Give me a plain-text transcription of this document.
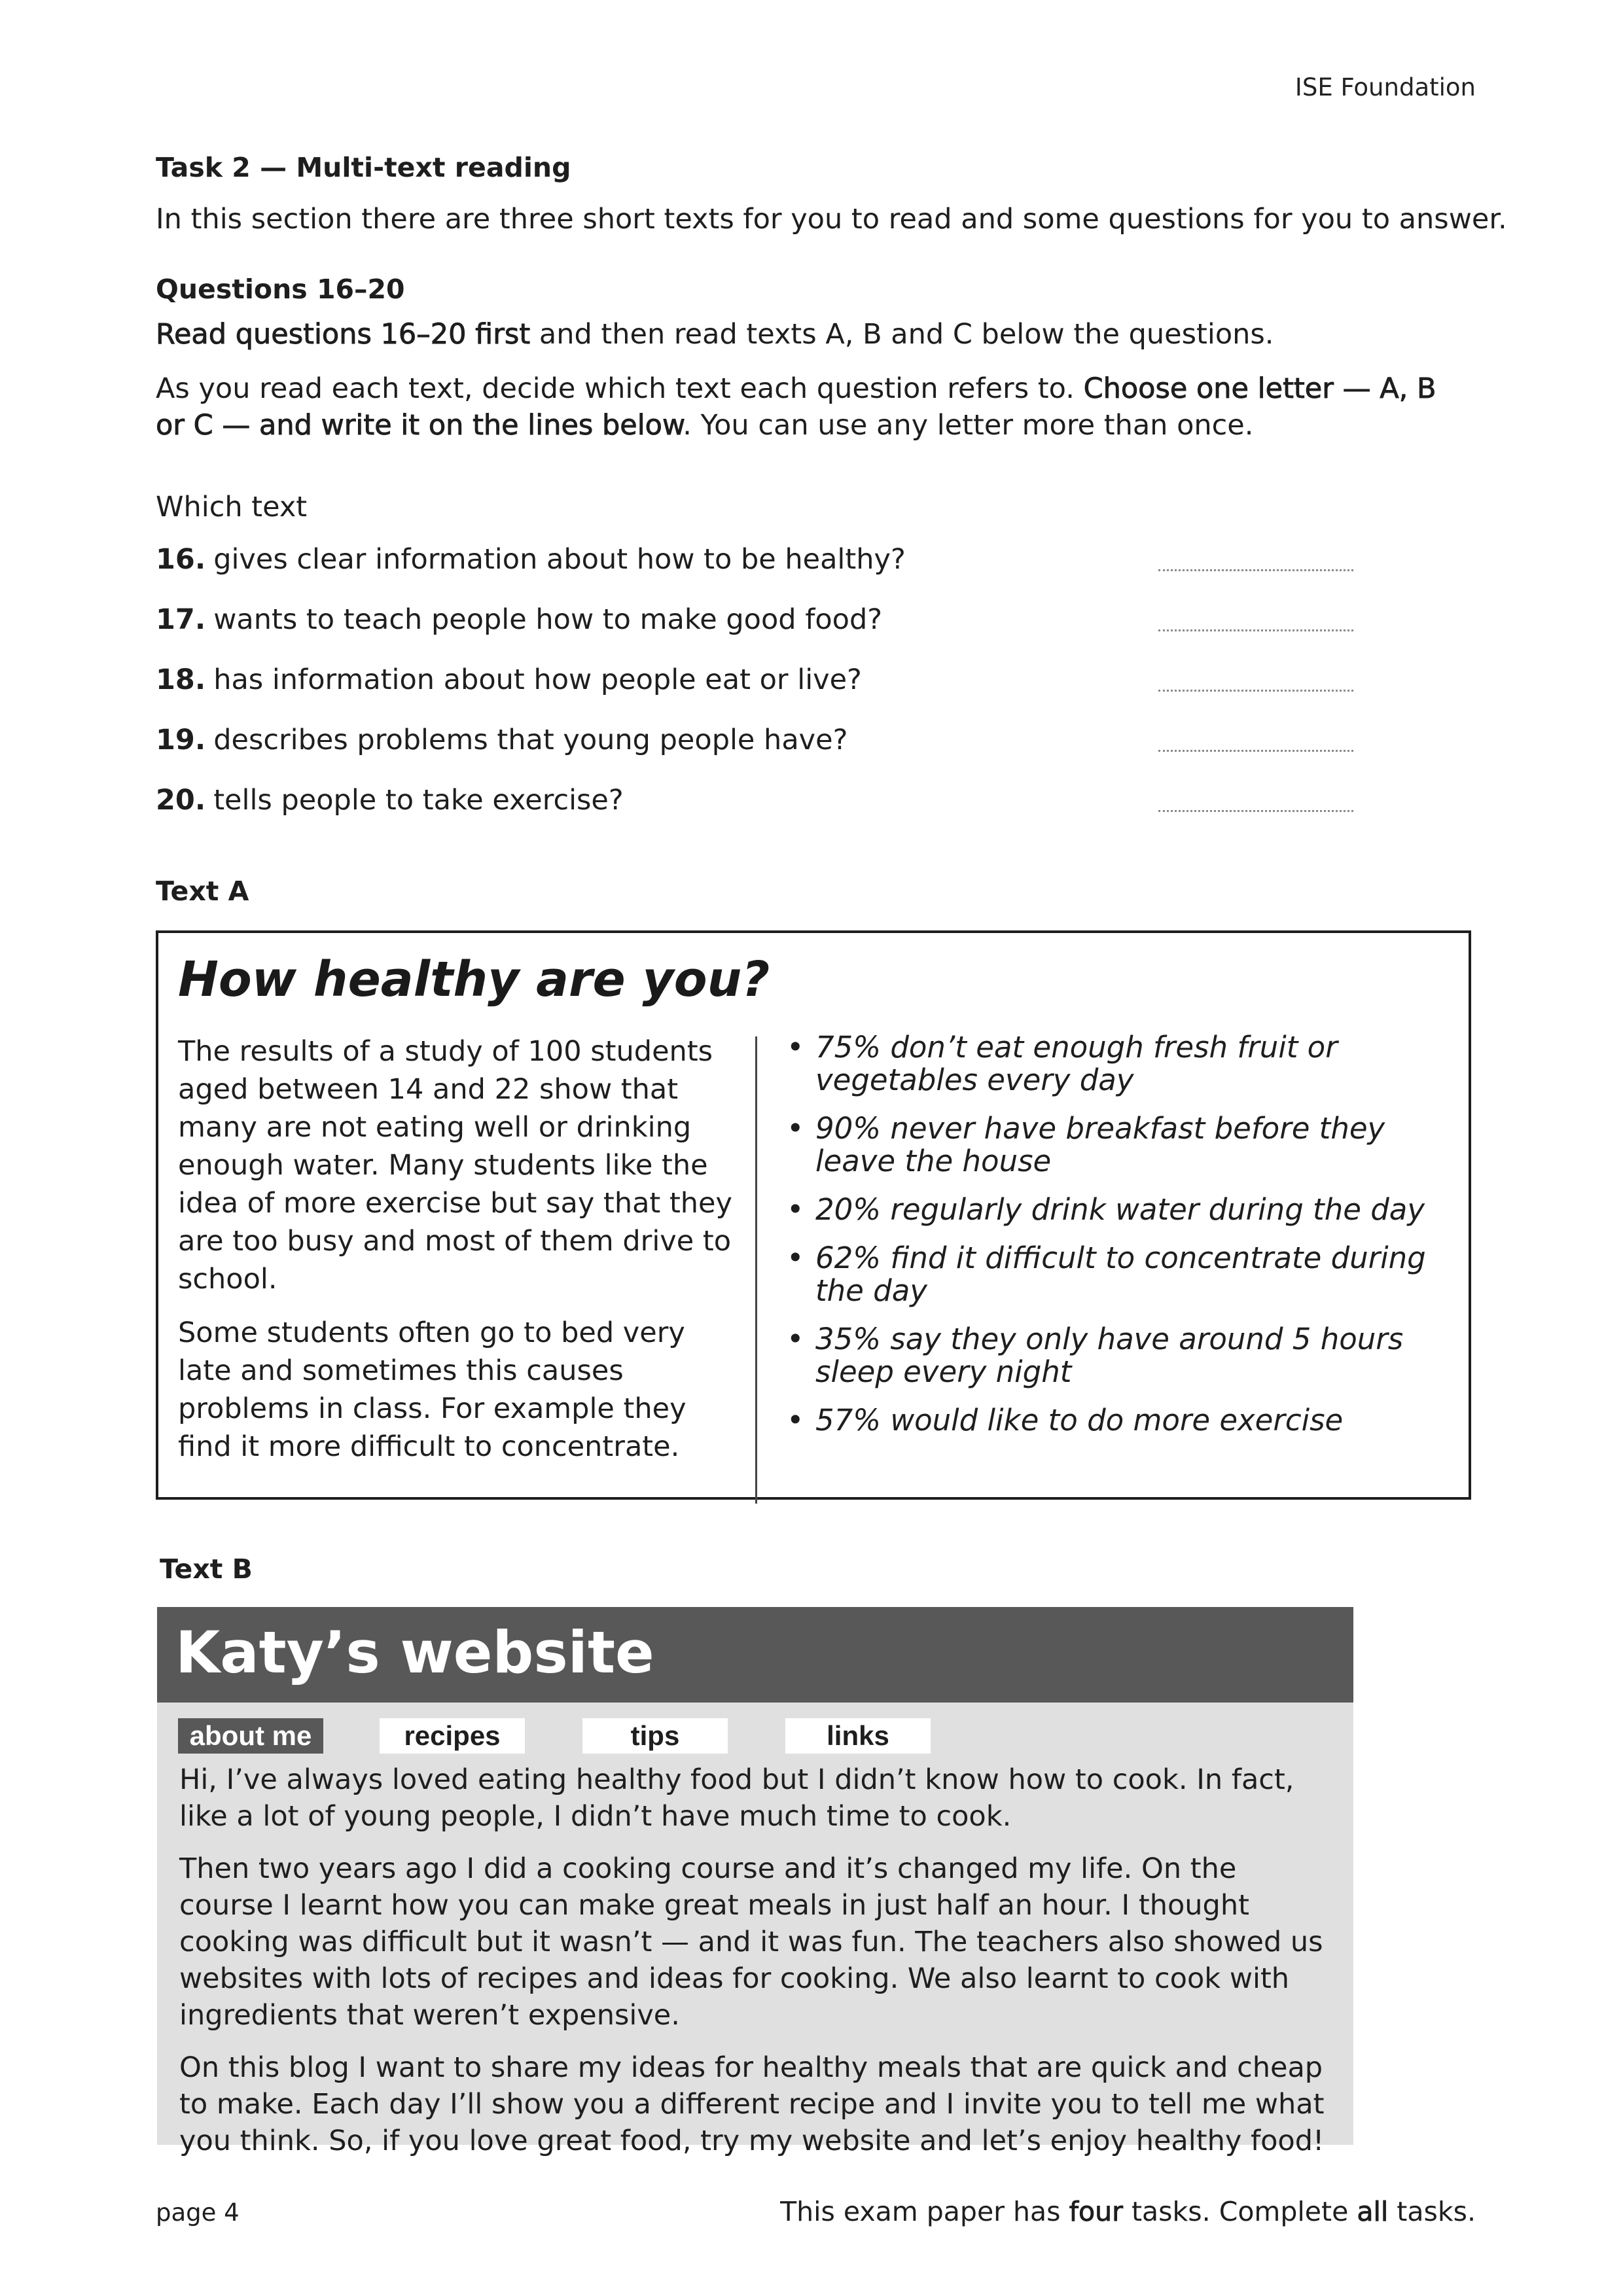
ISE Foundation
Task 2 — Multi-text reading
In this section there are three short texts for you to read and some questions for you to answer.
Questions 16–20
Read questions 16–20 first and then read texts A, B and C below the questions.
As you read each text, decide which text each question refers to. Choose one letter — A, B or C — and write it on the lines below. You can use any letter more than once.
Which text
16. gives clear information about how to be healthy?
17. wants to teach people how to make good food?
18. has information about how people eat or live?
19. describes problems that young people have?
20. tells people to take exercise?
Text A
How healthy are you?

The results of a study of 100 students aged between 14 and 22 show that many are not eating well or drinking enough water. Many students like the idea of more exercise but say that they are too busy and most of them drive to school.

Some students often go to bed very late and sometimes this causes problems in class. For example they find it more difficult to concentrate.

• 75% don’t eat enough fresh fruit or vegetables every day
• 90% never have breakfast before they leave the house
• 20% regularly drink water during the day
• 62% find it difficult to concentrate during the day
• 35% say they only have around 5 hours sleep every night
• 57% would like to do more exercise
Text B
Katy’s website
about me	recipes	tips	links

Hi, I’ve always loved eating healthy food but I didn’t know how to cook. In fact, like a lot of young people, I didn’t have much time to cook.

Then two years ago I did a cooking course and it’s changed my life. On the course I learnt how you can make great meals in just half an hour. I thought cooking was difficult but it wasn’t — and it was fun. The teachers also showed us websites with lots of recipes and ideas for cooking. We also learnt to cook with ingredients that weren’t expensive.

On this blog I want to share my ideas for healthy meals that are quick and cheap to make. Each day I’ll show you a different recipe and I invite you to tell me what you think. So, if you love great food, try my website and let’s enjoy healthy food!

page 4	This exam paper has four tasks. Complete all tasks.
